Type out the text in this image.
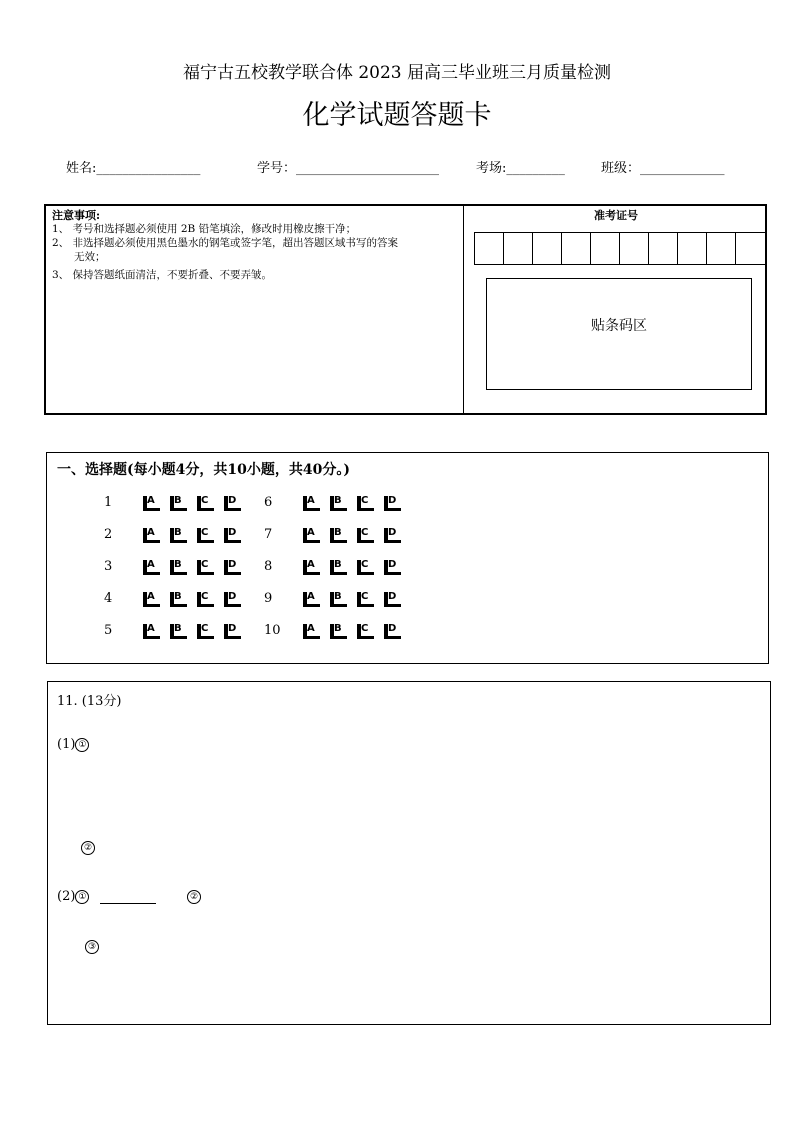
福宁古五校教学联合体 2023 届高三毕业班三月质量检测
化学试题答题卡
姓名:________________	学号：______________________	考场:_________	班级：_____________
注意事项:
1、 考号和选择题必须使用 2B 铅笔填涂，修改时用橡皮擦干净；
2、 非选择题必须使用黑色墨水的钢笔或签字笔，超出答题区域书写的答案
无效；
3、 保持答题纸面清洁，不要折叠、不要弄皱。
准考证号
贴条码区
一、选择题(每小题4分，共10小题，共40分。)
1	A B C D
2	A B C D
3	A B C D
4	A B C D
5	A B C D
6	A B C D
7	A B C D
8	A B C D
9	A B C D
10	A B C D
11. (13分)
(1) ①
②
(2) ①	②
③
